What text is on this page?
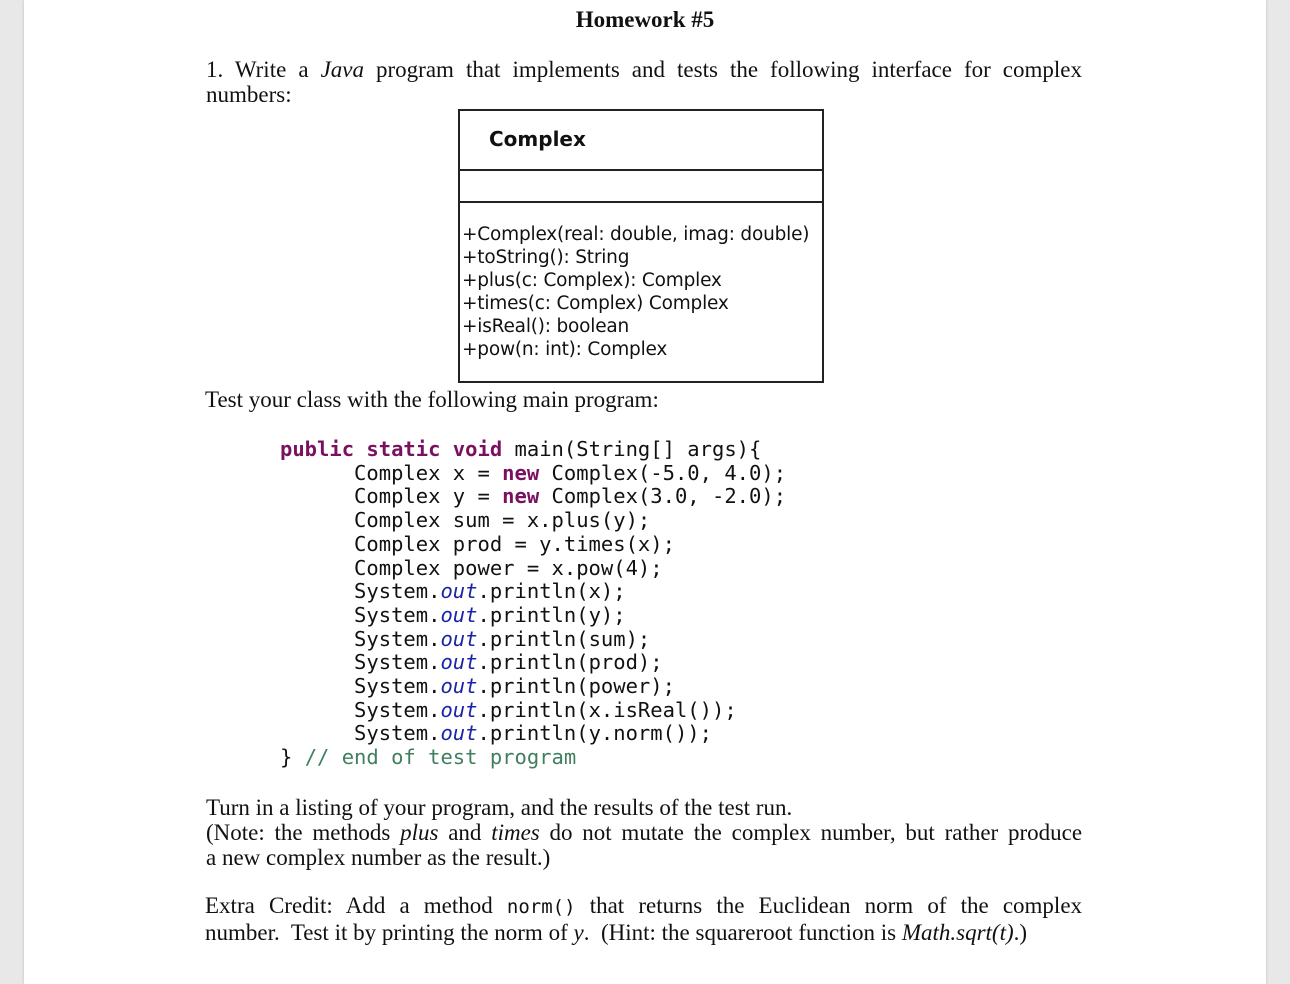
Homework #5
1. Write a Java program that implements and tests the following interface for complex
numbers:
Complex
+Complex(real: double, imag: double)
+toString(): String
+plus(c: Complex): Complex
+times(c: Complex) Complex
+isReal(): boolean
+pow(n: int): Complex
Test your class with the following main program:
public static void main(String[] args){
Complex x = new Complex(-5.0, 4.0);
Complex y = new Complex(3.0, -2.0);
Complex sum = x.plus(y);
Complex prod = y.times(x);
Complex power = x.pow(4);
System.out.println(x);
System.out.println(y);
System.out.println(sum);
System.out.println(prod);
System.out.println(power);
System.out.println(x.isReal());
System.out.println(y.norm());
} // end of test program
Turn in a listing of your program, and the results of the test run.
(Note: the methods plus and times do not mutate the complex number, but rather produce
a new complex number as the result.)
Extra Credit: Add a method norm() that returns the Euclidean norm of the complex
number.  Test it by printing the norm of y.  (Hint: the squareroot function is Math.sqrt(t).)
